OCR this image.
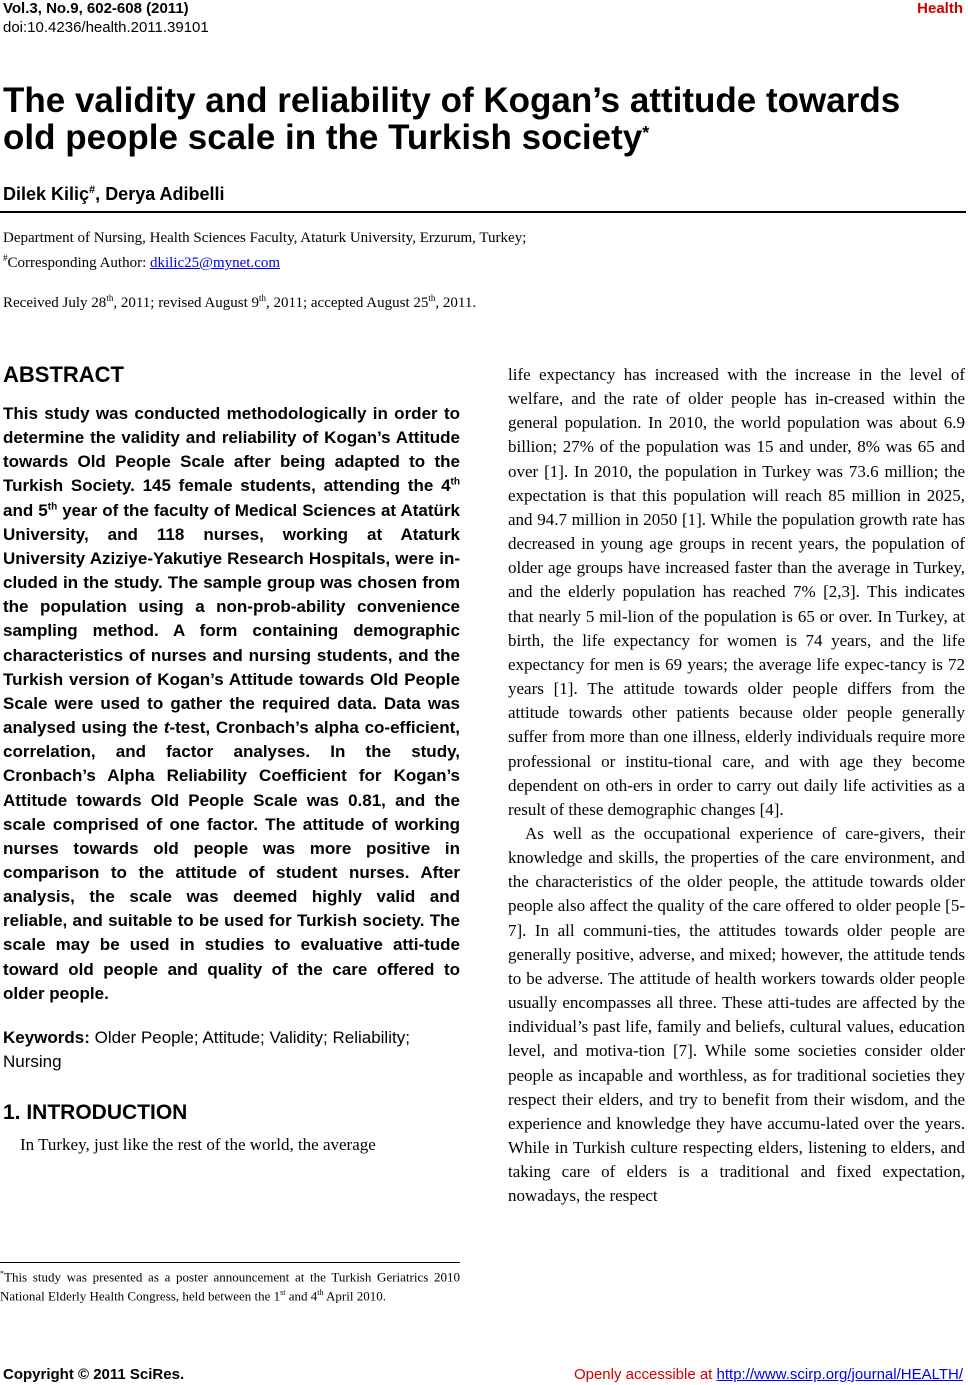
Vol.3, No.9, 602-608 (2011)
doi:10.4236/health.2011.39101
Health
The validity and reliability of Kogan’s attitude towards
old people scale in the Turkish society*
Dilek Kiliç#, Derya Adibelli
Department of Nursing, Health Sciences Faculty, Ataturk University, Erzurum, Turkey;
#Corresponding Author: dkilic25@mynet.com
Received July 28th, 2011; revised August 9th, 2011; accepted August 25th, 2011.
ABSTRACT

This study was conducted methodologically in order to determine the validity and reliability of Kogan’s Attitude towards Old People Scale after being adapted to the Turkish Society. 145 female students, attending the 4th and 5th year of the faculty of Medical Sciences at Atatürk University, and 118 nurses, working at Ataturk University Aziziye-Yakutiye Research Hospitals, were in-cluded in the study. The sample group was chosen from the population using a non-prob-ability convenience sampling method. A form containing demographic characteristics of nurses and nursing students, and the Turkish version of Kogan’s Attitude towards Old People Scale were used to gather the required data. Data was analysed using the t-test, Cronbach’s alpha co-efficient, correlation, and factor analyses. In the study, Cronbach’s Alpha Reliability Coefficient for Kogan’s Attitude towards Old People Scale was 0.81, and the scale comprised of one factor. The attitude of working nurses towards old people was more positive in comparison to the attitude of student nurses. After analysis, the scale was deemed highly valid and reliable, and suitable to be used for Turkish society. The scale may be used in studies to evaluative atti-tude toward old people and quality of the care offered to older people.

Keywords: Older People; Attitude; Validity; Reliability; Nursing
1. INTRODUCTION
In Turkey, just like the rest of the world, the average
*This study was presented as a poster announcement at the Turkish Geriatrics 2010 National Elderly Health Congress, held between the 1st and 4th April 2010.

life expectancy has increased with the increase in the level of welfare, and the rate of older people has in-creased within the general population. In 2010, the world population was about 6.9 billion; 27% of the population was 15 and under, 8% was 65 and over [1]. In 2010, the population in Turkey was 73.6 million; the expectation is that this population will reach 85 million in 2025, and 94.7 million in 2050 [1]. While the population growth rate has decreased in young age groups in recent years, the population of older age groups have increased faster than the average in Turkey, and the elderly population has reached 7% [2,3]. This indicates that nearly 5 mil-lion of the population is 65 or over. In Turkey, at birth, the life expectancy for women is 74 years, and the life expectancy for men is 69 years; the average life expec-tancy is 72 years [1]. The attitude towards older people differs from the attitude towards other patients because older people generally suffer from more than one illness, elderly individuals require more professional or institu-tional care, and with age they become dependent on oth-ers in order to carry out daily life activities as a result of these demographic changes [4].

As well as the occupational experience of care-givers, their knowledge and skills, the properties of the care environment, and the characteristics of the older people, the attitude towards older people also affect the quality of the care offered to older people [5-7]. In all communi-ties, the attitudes towards older people are generally positive, adverse, and mixed; however, the attitude tends to be adverse. The attitude of health workers towards older people usually encompasses all three. These atti-tudes are affected by the individual’s past life, family and beliefs, cultural values, education level, and motiva-tion [7]. While some societies consider older people as incapable and worthless, as for traditional societies they respect their elders, and try to benefit from their wisdom, and the experience and knowledge they have accumu-lated over the years. While in Turkish culture respecting elders, listening to elders, and taking care of elders is a traditional and fixed expectation, nowadays, the respect

Copyright © 2011 SciRes.	Openly accessible at http://www.scirp.org/journal/HEALTH/
